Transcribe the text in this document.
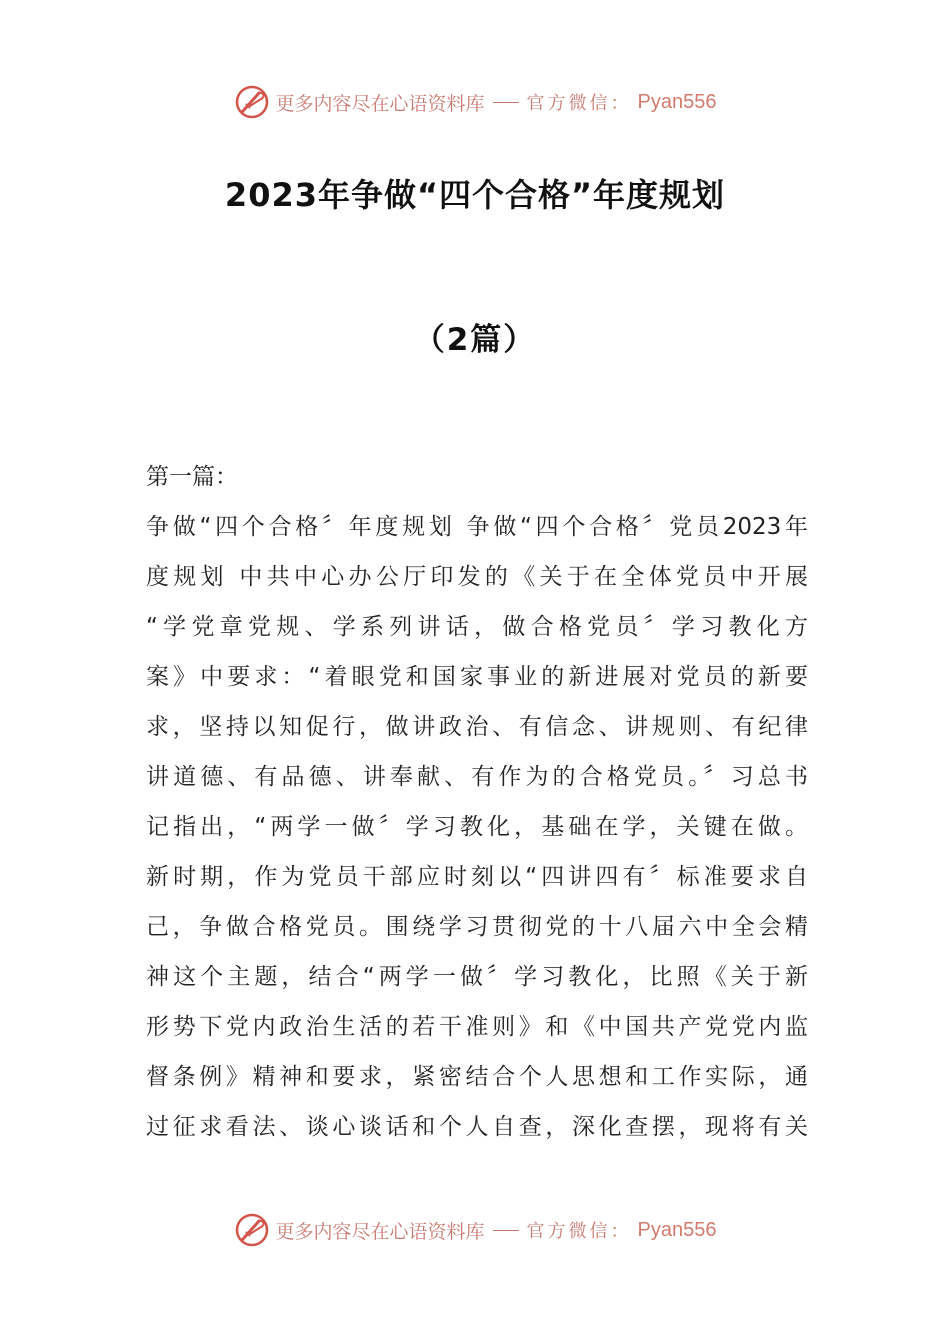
更多内容尽在心语资料库 官方微信： Pyan556
2023年争做“四个合格”年度规划
（2篇）
第一篇：
争做“四个合格〞年度规划 争做“四个合格〞党员2023年
度规划 中共中心办公厅印发的《关于在全体党员中开展
“学党章党规、学系列讲话，做合格党员〞学习教化方
案》中要求：“着眼党和国家事业的新进展对党员的新要
求，坚持以知促行，做讲政治、有信念、讲规则、有纪律
讲道德、有品德、讲奉献、有作为的合格党员。〞习总书
记指出，“两学一做〞学习教化，基础在学，关键在做。
新时期，作为党员干部应时刻以“四讲四有〞标准要求自
己，争做合格党员。围绕学习贯彻党的十八届六中全会精
神这个主题，结合“两学一做〞学习教化，比照《关于新
形势下党内政治生活的若干准则》和《中国共产党党内监
督条例》精神和要求，紧密结合个人思想和工作实际，通
过征求看法、谈心谈话和个人自查，深化查摆，现将有关
更多内容尽在心语资料库 官方微信： Pyan556
